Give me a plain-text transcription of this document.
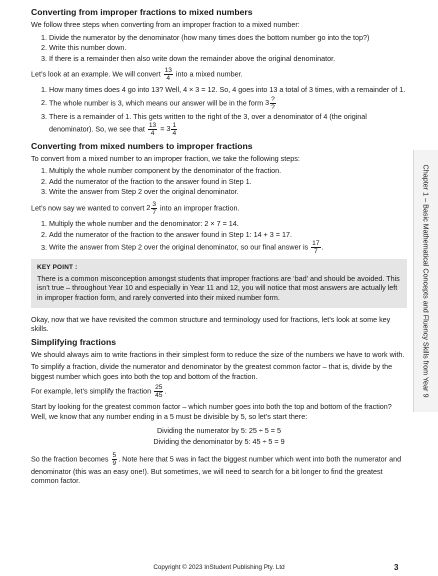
Converting from improper fractions to mixed numbers

We follow three steps when converting from an improper fraction to a mixed number:

1. Divide the numerator by the denominator (how many times does the bottom number go into the top?)
2. Write this number down.
3. If there is a remainder then also write down the remainder above the original denominator.

Let’s look at an example. We will convert $\frac{13}{4}$ into a mixed number.

1. How many times does 4 go into 13? Well, 4 × 3 = 12. So, 4 goes into 13 a total of 3 times, with a remainder of 1.
2. The whole number is 3, which means our answer will be in the form $3 \frac{?}{?}$
3. There is a remainder of 1. This gets written to the right of the 3, over a denominator of 4 (the original denominator). So, we see that $\frac{13}{4} = 3 \frac{1}{4}$
Converting from mixed numbers to improper fractions

To convert from a mixed number to an improper fraction, we take the following steps:

1. Multiply the whole number component by the denominator of the fraction.
2. Add the numerator of the fraction to the answer found in Step 1.
3. Write the answer from Step 2 over the original denominator.

Let’s now say we wanted to convert $2 \frac{3}{7}$ into an improper fraction.

1. Multiply the whole number and the denominator: 2 × 7 = 14.
2. Add the numerator of the fraction to the answer found in Step 1: 14 + 3 = 17.
3. Write the answer from Step 2 over the original denominator, so our final answer is $\frac{17}{7}$ .
KEY POINT :
There is a common misconception amongst students that improper fractions are ‘bad’ and should be avoided. This isn’t true – throughout Year 10 and especially in Year 11 and 12, you will notice that most answers are actually left in improper fraction form, and rarely converted into their mixed number form.

Okay, now that we have revisited the common structure and terminology used for fractions, let’s look at some key skills.

Simplifying fractions

We should always aim to write fractions in their simplest form to reduce the size of the numbers we have to work with.

To simplify a fraction, divide the numerator and denominator by the greatest common factor – that is, divide by the biggest number which goes into both the top and bottom of the fraction.

For example, let’s simplify the fraction $\frac{25}{45}$ .

Start by looking for the greatest common factor – which number goes into both the top and bottom of the fraction? Well, we know that any number ending in a 5 must be divisible by 5, so let’s start there:

Dividing the numerator by 5: 25 ÷ 5 = 5

Dividing the denominator by 5: 45 ÷ 5 = 9

So the fraction becomes $\frac{5}{9}$ . Note here that 5 was in fact the biggest number which went into both the numerator and denominator (this was an easy one!). But sometimes, we will need to search for a bit longer to find the greatest common factor.

Chapter 1 – Basic Mathematical Concepts and Fluency Skills from Year 9
Copyright © 2023 InStudent Publishing Pty. Ltd	3
